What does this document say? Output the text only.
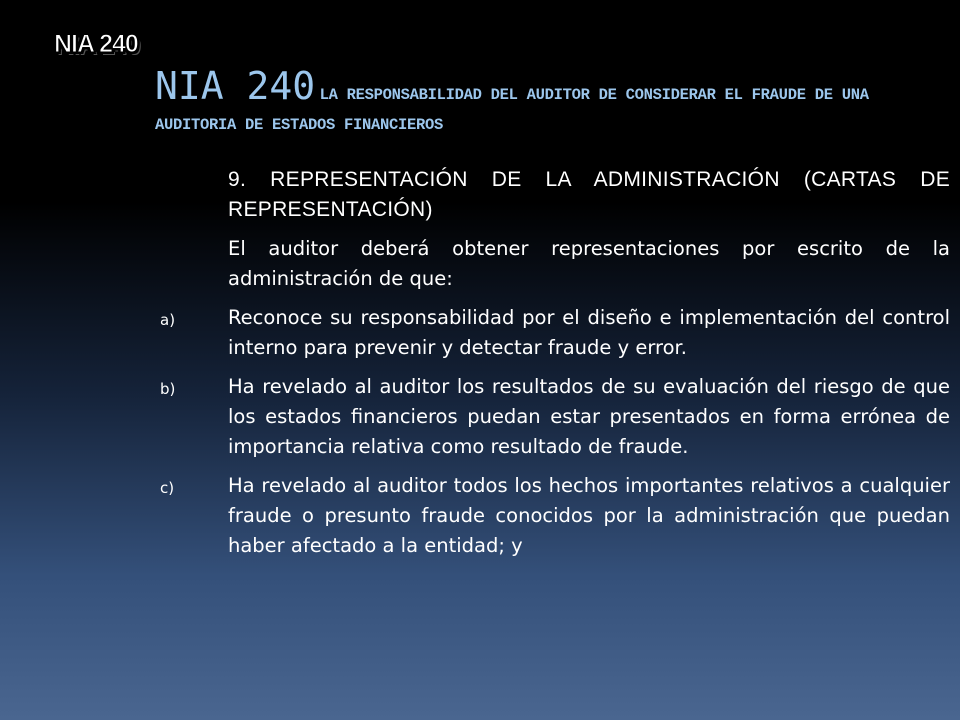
NIA 240
NIA 240 LA RESPONSABILIDAD DEL AUDITOR DE CONSIDERAR EL FRAUDE DE UNA AUDITORIA DE ESTADOS FINANCIEROS
9. REPRESENTACIÓN DE LA ADMINISTRACIÓN (CARTAS DE REPRESENTACIÓN)
El auditor deberá obtener representaciones por escrito de la administración de que:
a)	Reconoce su responsabilidad por el diseño e implementación del control interno para prevenir y detectar fraude y error.
b)	Ha revelado al auditor los resultados de su evaluación del riesgo de que los estados financieros puedan estar presentados en forma errónea de importancia relativa como resultado de fraude.
c)	Ha revelado al auditor todos los hechos importantes relativos a cualquier fraude o presunto fraude conocidos por la administración que puedan haber afectado a la entidad; y
